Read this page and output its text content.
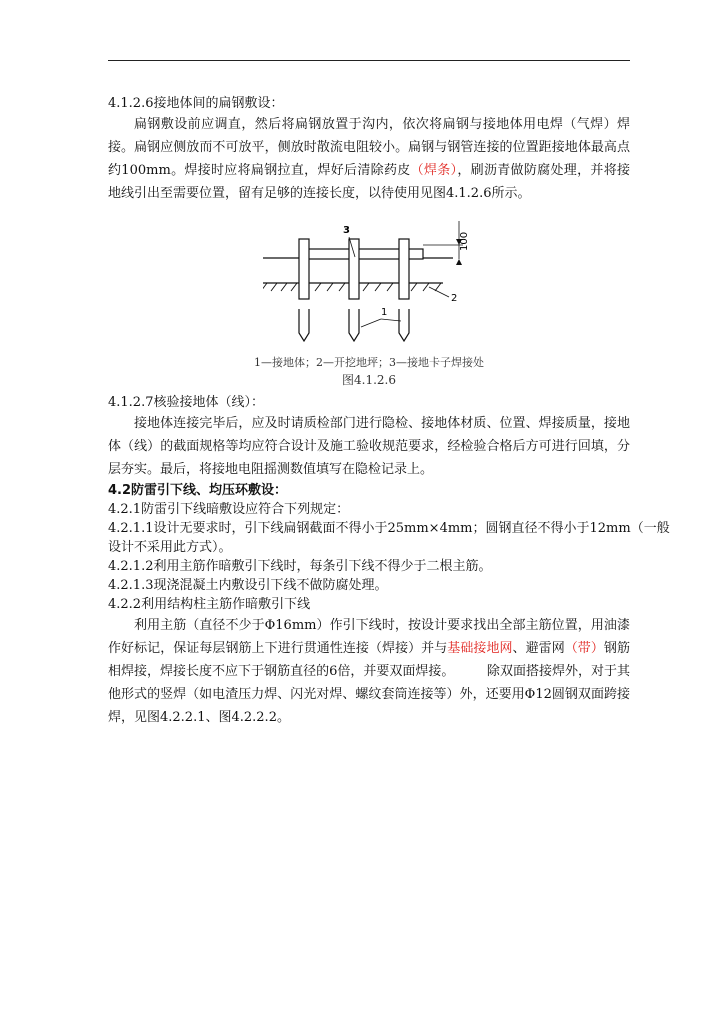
4.1.2.6接地体间的扁钢敷设：
扁钢敷设前应调直，然后将扁钢放置于沟内，依次将扁钢与接地体用电焊（气焊）焊接。扁钢应侧放而不可放平，侧放时散流电阻较小。扁钢与钢管连接的位置距接地体最高点约100mm。焊接时应将扁钢拉直，焊好后清除药皮（焊条），刷沥青做防腐处理，并将接地线引出至需要位置，留有足够的连接长度，以待使用见图4.1.2.6所示。
100
3
2
1
1—接地体；2—开挖地坪；3—接地卡子焊接处
图4.1.2.6
4.1.2.7核验接地体（线）：
接地体连接完毕后，应及时请质检部门进行隐检、接地体材质、位置、焊接质量，接地体（线）的截面规格等均应符合设计及施工验收规范要求，经检验合格后方可进行回填，分层夯实。最后，将接地电阻摇测数值填写在隐检记录上。
4.2防雷引下线、均压环敷设：
4.2.1防雷引下线暗敷设应符合下列规定：
4.2.1.1设计无要求时，引下线扁钢截面不得小于25mm×4mm；圆钢直径不得小于12mm（一般
设计不采用此方式）。
4.2.1.2利用主筋作暗敷引下线时，每条引下线不得少于二根主筋。
4.2.1.3现浇混凝土内敷设引下线不做防腐处理。
4.2.2利用结构柱主筋作暗敷引下线
利用主筋（直径不少于Φ16mm）作引下线时，按设计要求找出全部主筋位置，用油漆作好标记，保证每层钢筋上下进行贯通性连接（焊接）并与基础接地网、避雷网（带）钢筋相焊接，焊接长度不应下于钢筋直径的6倍，并要双面焊接。　　　除双面搭接焊外，对于其他形式的竖焊（如电渣压力焊、闪光对焊、螺纹套筒连接等）外，还要用Φ12圆钢双面跨接焊，见图4.2.2.1、图4.2.2.2。
